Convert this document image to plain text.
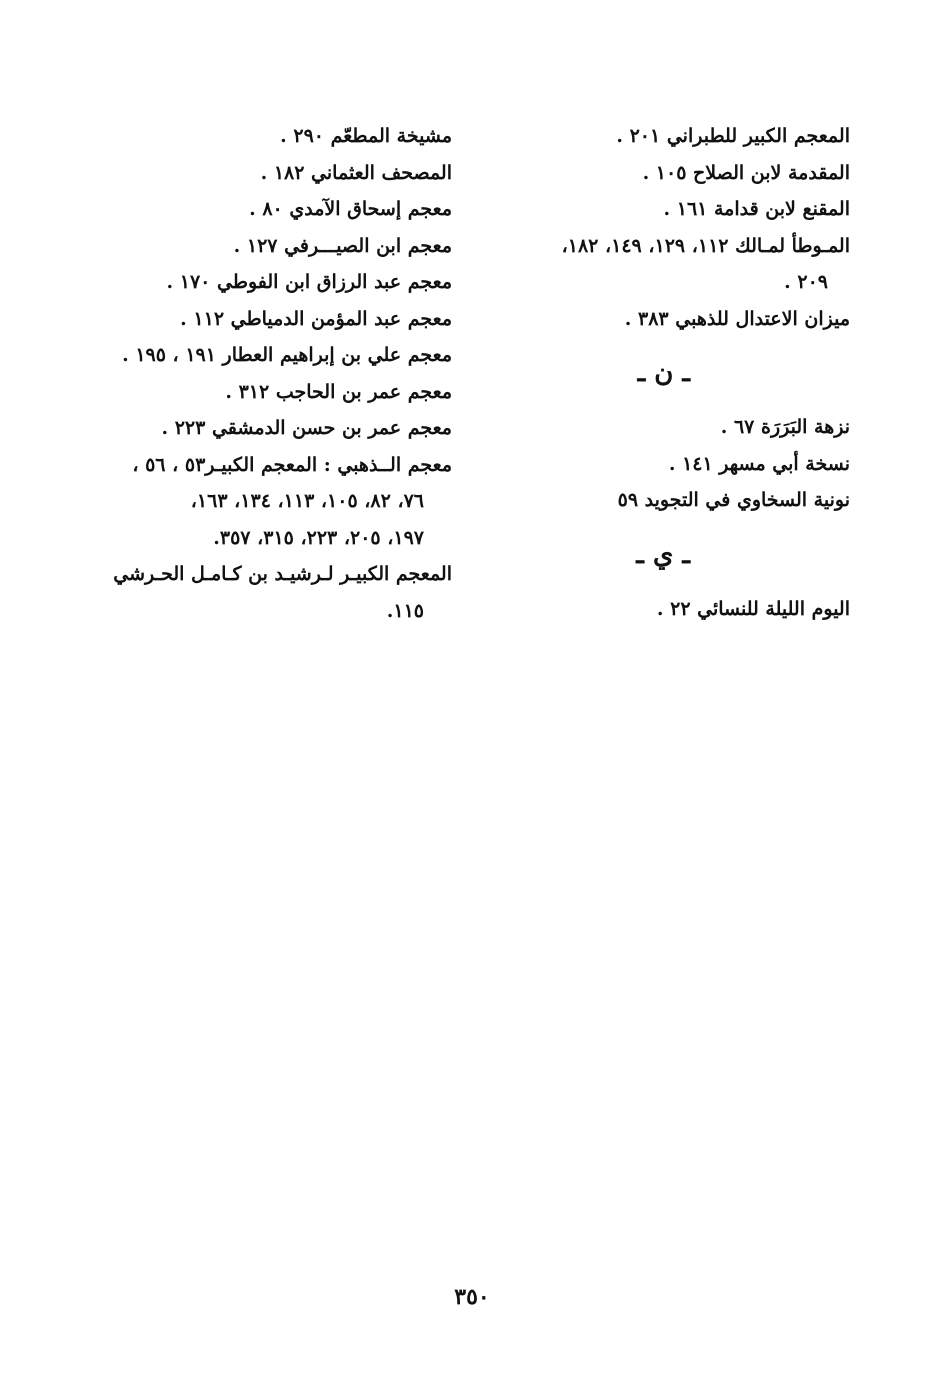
مشيخة المطعّم ٢٩٠ .
المصحف العثماني ١٨٢ .
معجم إسحاق الآمدي ٨٠ .
معجم ابن الصيـــرفي ١٢٧ .
معجم عبد الرزاق ابن الفوطي ١٧٠ .
معجم عبد المؤمن الدمياطي ١١٢ .
معجم علي بن إبراهيم العطار ١٩١ ، ١٩٥ .
معجم عمر بن الحاجب ٣١٢ .
معجم عمر بن حسن الدمشقي ٢٢٣ .
معجم الــذهبي : المعجم الكبيـر٥٣ ، ٥٦ ،
٧٦، ٨٢، ١٠٥، ١١٣، ١٣٤، ١٦٣،
١٩٧، ٢٠٥، ٢٢٣، ٣١٥، ٣٥٧.
المعجم الكبيـر لـرشيـد بن كـامـل الحـرشي
١١٥.
المعجم الكبير للطبراني ٢٠١ .
المقدمة لابن الصلاح ١٠٥ .
المقنع لابن قدامة ١٦١ .
المـوطأ لمـالك ١١٢، ١٢٩، ١٤٩، ١٨٢،
٢٠٩ .
ميزان الاعتدال للذهبي ٣٨٣ .
ـ ن ـ
نزهة البَرَرَة ٦٧ .
نسخة أبي مسهر ١٤١ .
نونية السخاوي في التجويد ٥٩
ـ ي ـ
اليوم الليلة للنسائي ٢٢ .
٣٥٠
